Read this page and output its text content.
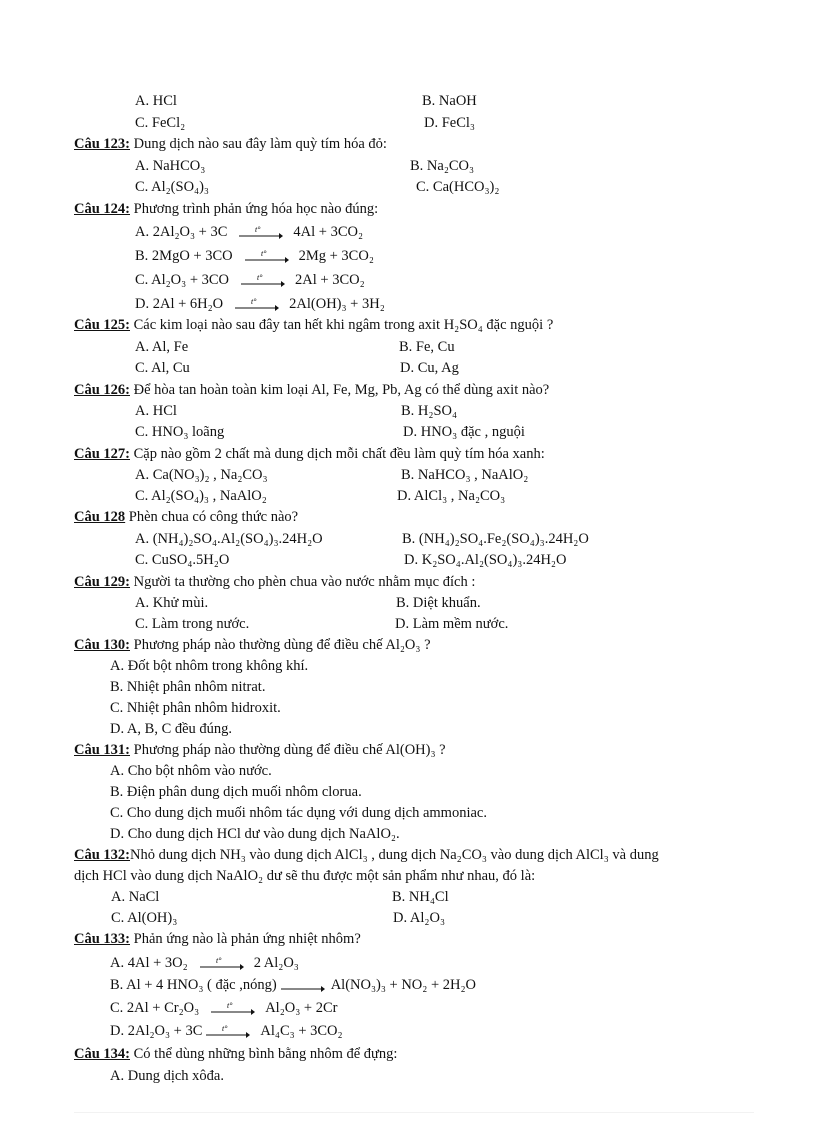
A. HCl	B. NaOH
C. FeCl₂	D. FeCl₃
Câu 123: Dung dịch nào sau đây làm quỳ tím hóa đỏ:
A. NaHCO₃	B. Na₂CO₃
C. Al₂(SO₄)₃	C. Ca(HCO₃)₂
Câu 124: Phương trình phản ứng hóa học nào đúng:
A. 2Al₂O₃ + 3C	t° 4Al + 3CO₂
B. 2MgO + 3CO	t° 2Mg + 3CO₂
C. Al₂O₃ + 3CO	t° 2Al + 3CO₂
D. 2Al + 6H₂O	t° 2Al(OH)₃ + 3H₂
Câu 125: Các kim loại nào sau đây tan hết khi ngâm trong axit H₂SO₄ đặc nguội ?
A. Al, Fe	B. Fe, Cu
C. Al, Cu	D. Cu, Ag
Câu 126: Để hòa tan hoàn toàn kim loại Al, Fe, Mg, Pb, Ag có thể dùng axit nào?
A. HCl	B. H₂SO₄
C. HNO₃ loãng	D. HNO₃ đặc , nguội
Câu 127: Cặp nào gồm 2 chất mà dung dịch mỗi chất đều làm quỳ tím hóa xanh:
A. Ca(NO₃)₂ , Na₂CO₃	B. NaHCO₃ , NaAlO₂
C. Al₂(SO₄)₃ , NaAlO₂	D. AlCl₃ , Na₂CO₃
Câu 128 Phèn chua có công thức nào?
A. (NH₄)₂SO₄.Al₂(SO₄)₃.24H₂O	B. (NH₄)₂SO₄.Fe₂(SO₄)₃.24H₂O
C. CuSO₄.5H₂O	D. K₂SO₄.Al₂(SO₄)₃.24H₂O
Câu 129: Người ta thường cho phèn chua vào nước nhằm mục đích :
A. Khử mùi.	B. Diệt khuẩn.
C. Làm trong nước.	D. Làm mềm nước.
Câu 130: Phương pháp nào thường dùng để điều chế Al₂O₃ ?
A. Đốt bột nhôm trong không khí.
B. Nhiệt phân nhôm nitrat.
C. Nhiệt phân nhôm hidroxit.
D. A, B, C đều đúng.
Câu 131: Phương pháp nào thường dùng để điều chế Al(OH)₃ ?
A. Cho bột nhôm vào nước.
B. Điện phân dung dịch muối nhôm clorua.
C. Cho dung dịch muối nhôm tác dụng với dung dịch ammoniac.
D. Cho dung dịch HCl dư vào dung dịch NaAlO₂.
Câu 132:Nhỏ dung dịch NH₃ vào dung dịch AlCl₃ , dung dịch Na₂CO₃ vào dung dịch AlCl₃ và dung
dịch HCl vào dung dịch NaAlO₂ dư sẽ thu được một sản phẩm như nhau, đó là:
A. NaCl	B. NH₄Cl
C. Al(OH)₃	D. Al₂O₃
Câu 133: Phản ứng nào là phản ứng nhiệt nhôm?
A. 4Al + 3O₂	t° 2 Al₂O₃
B. Al + 4 HNO₃ ( đặc ,nóng) → Al(NO₃)₃ + NO₂ + 2H₂O
C. 2Al + Cr₂O₃	t° Al₂O₃ + 2Cr
D. 2Al₂O₃ + 3C	t° Al₄C₃ + 3CO₂
Câu 134: Có thể dùng những bình bằng nhôm để đựng:
A. Dung dịch xôđa.
